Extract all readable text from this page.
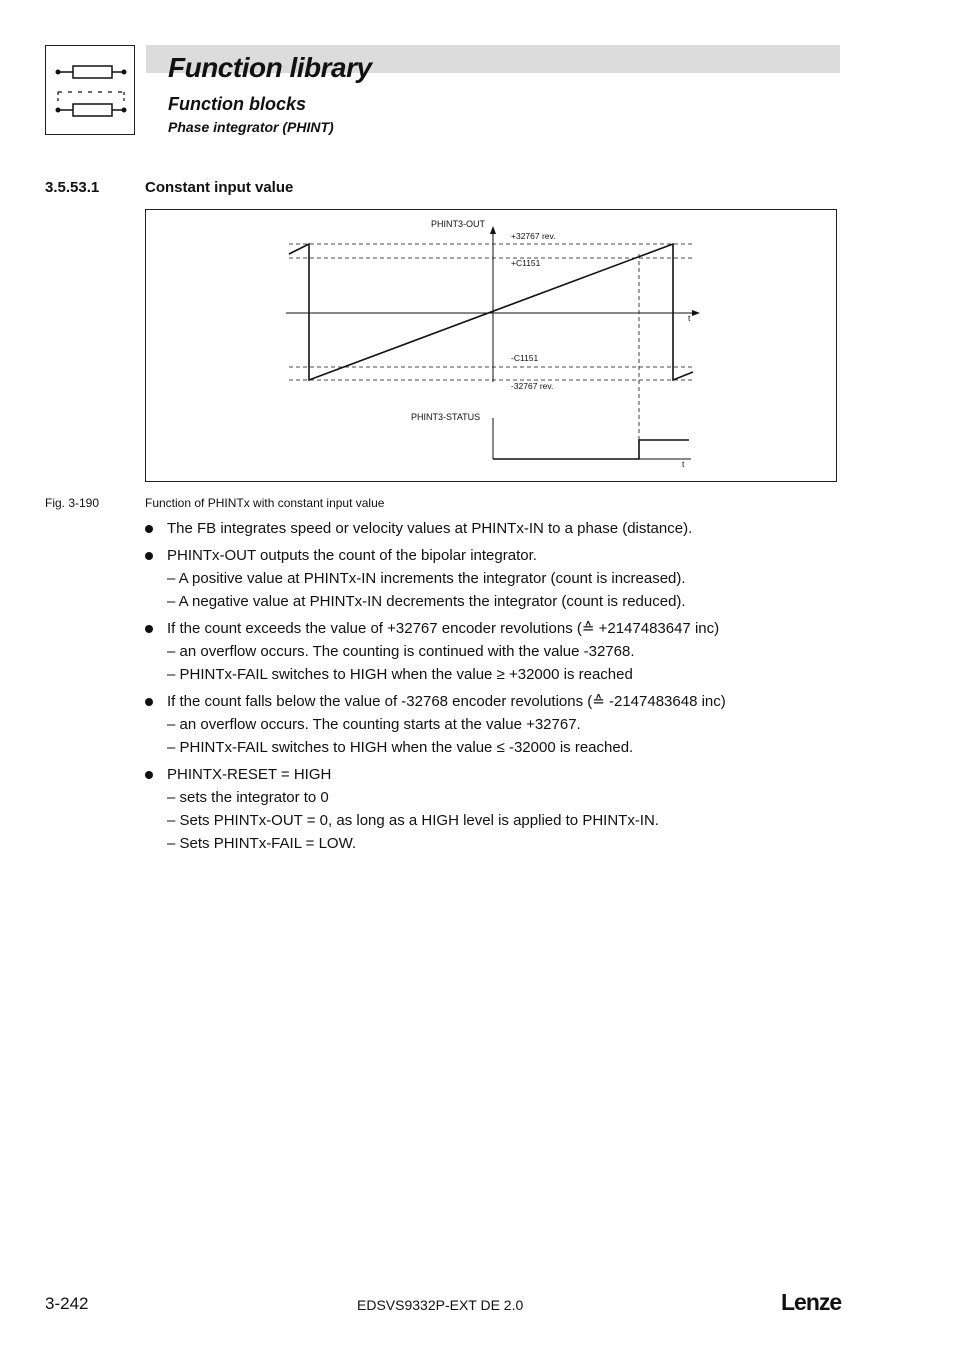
Function library
Function blocks
Phase integrator (PHINT)
3.5.53.1	Constant input value
PHINT3-OUT
+32767 rev.
+C1151
t
-C1151
-32767 rev.
PHINT3-STATUS
t
Fig. 3-190	Function of PHINTx with constant input value
The FB integrates speed or velocity values at PHINTx-IN to a phase (distance).
PHINTx-OUT outputs the count of the bipolar integrator.
– A positive value at PHINTx-IN increments the integrator (count is increased).
– A negative value at PHINTx-IN decrements the integrator (count is reduced).
If the count exceeds the value of +32767 encoder revolutions (≙ +2147483647 inc)
– an overflow occurs. The counting is continued with the value -32768.
– PHINTx-FAIL switches to HIGH when the value ≥ +32000 is reached
If the count falls below the value of -32768 encoder revolutions (≙ -2147483648 inc)
– an overflow occurs. The counting starts at the value +32767.
– PHINTx-FAIL switches to HIGH when the value ≤ -32000 is reached.
PHINTX-RESET = HIGH
– sets the integrator to 0
– Sets PHINTx-OUT = 0, as long as a HIGH level is applied to PHINTx-IN.
– Sets PHINTx-FAIL = LOW.
3-242	EDSVS9332P-EXT DE 2.0	Lenze
